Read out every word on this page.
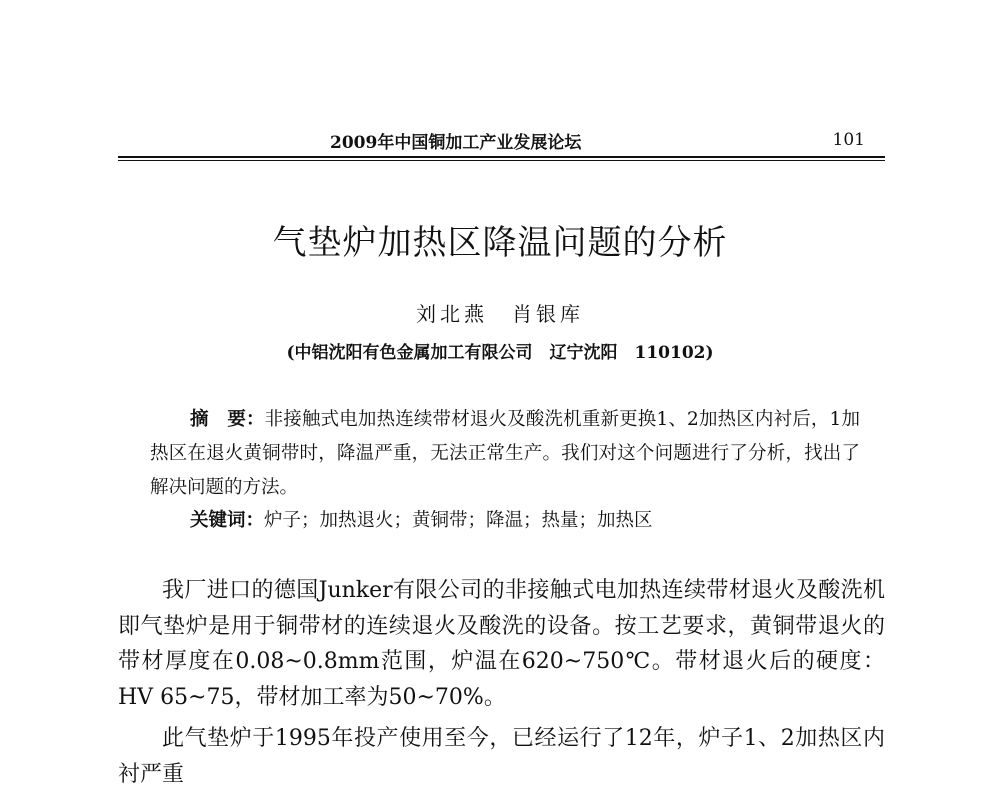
2009年中国铜加工产业发展论坛	101
气垫炉加热区降温问题的分析
刘北燕　肖银库
(中铝沈阳有色金属加工有限公司　辽宁沈阳　110102)
摘　要：非接触式电加热连续带材退火及酸洗机重新更换1、2加热区内衬后，1加热区在退火黄铜带时，降温严重，无法正常生产。我们对这个问题进行了分析，找出了解决问题的方法。
关键词：炉子；加热退火；黄铜带；降温；热量；加热区

我厂进口的德国Junker有限公司的非接触式电加热连续带材退火及酸洗机即气垫炉是用于铜带材的连续退火及酸洗的设备。按工艺要求，黄铜带退火的带材厚度在0.08~0.8mm范围，炉温在620~750℃。带材退火后的硬度：HV 65~75，带材加工率为50~70%。

此气垫炉于1995年投产使用至今，已经运行了12年，炉子1、2加热区内衬严重
